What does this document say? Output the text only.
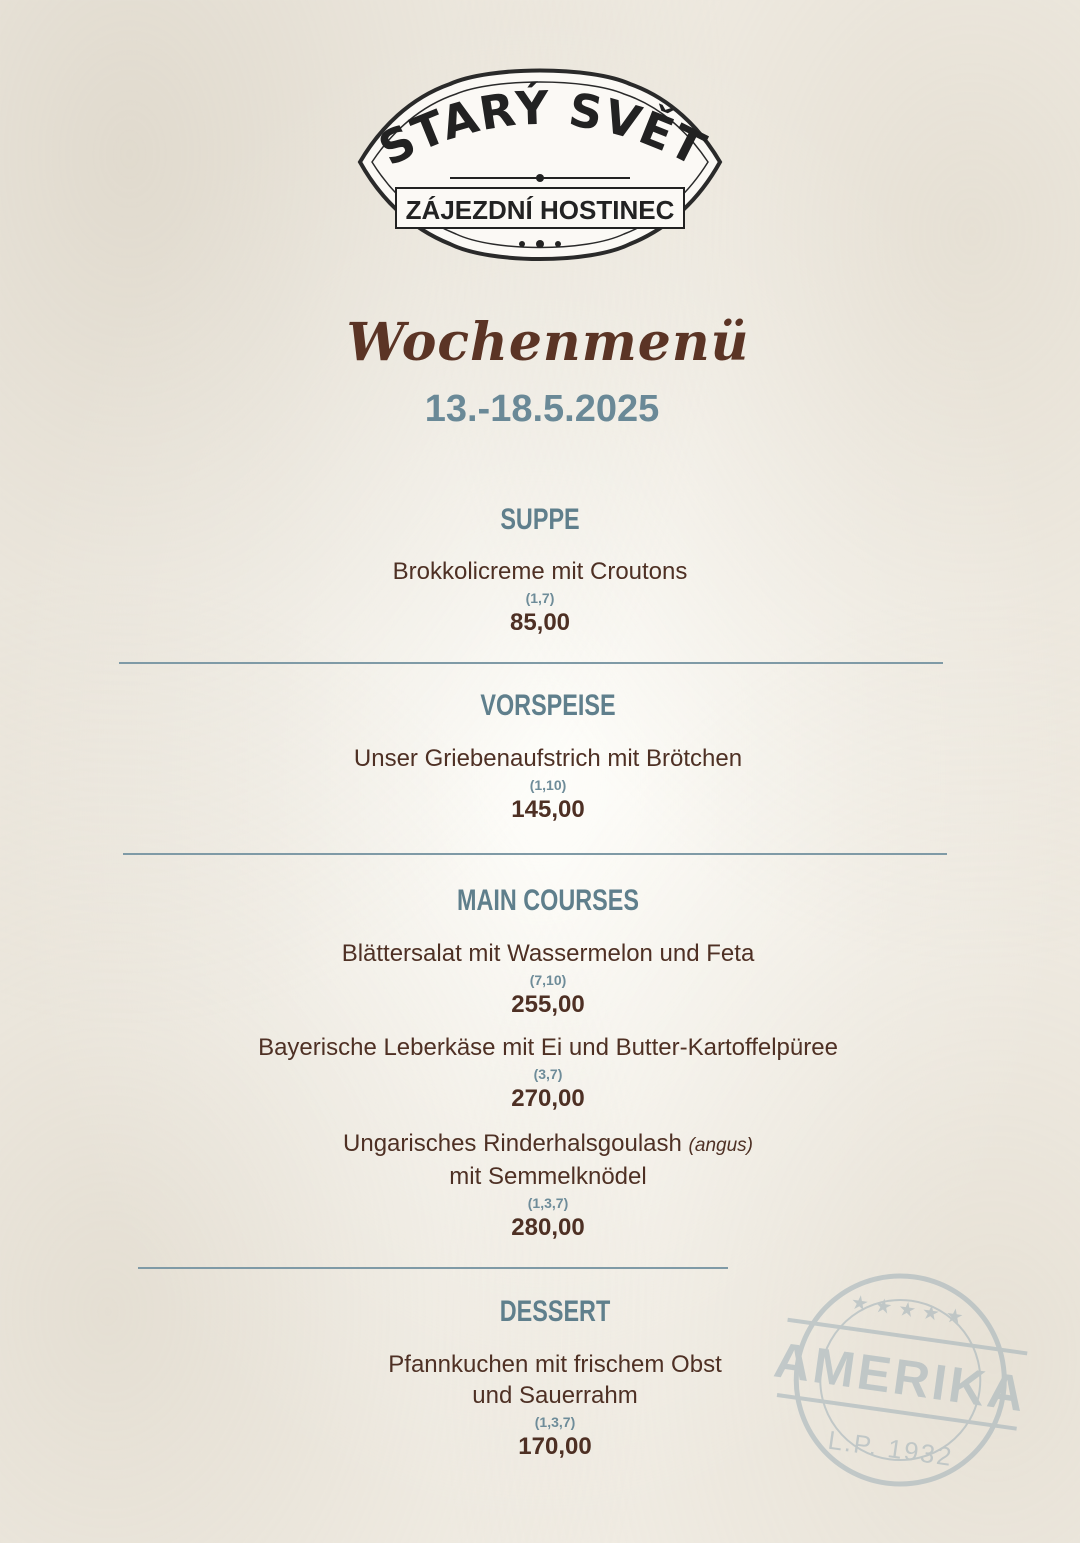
STARÝ SVĚT
ZÁJEZDNÍ HOSTINEC
Wochenmenü
13.-18.5.2025
SUPPE
Brokkolicreme mit Croutons
(1,7)
85,00
VORSPEISE
Unser Griebenaufstrich mit Brötchen
(1,10)
145,00
MAIN COURSES
Blättersalat mit Wassermelon und Feta
(7,10)
255,00
Bayerische Leberkäse mit Ei und Butter-Kartoffelpüree
(3,7)
270,00
Ungarisches Rinderhalsgoulash (angus)
mit Semmelknödel
(1,3,7)
280,00
DESSERT
Pfannkuchen mit frischem Obst
und Sauerrahm
(1,3,7)
170,00
AMERIKA
L.P. 1932
★★★★★
